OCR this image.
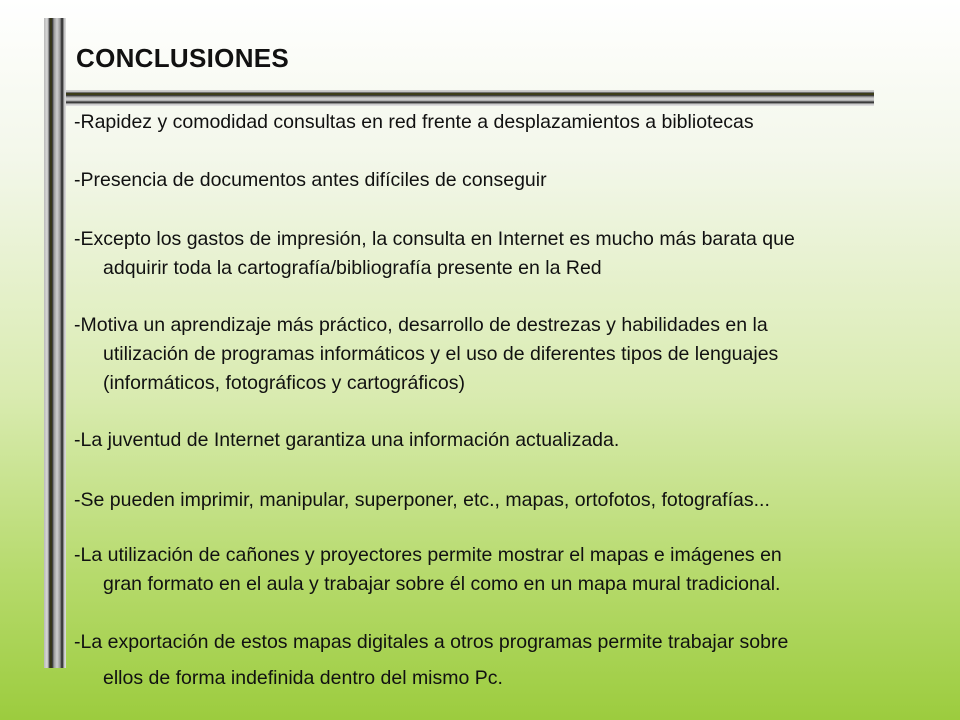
CONCLUSIONES
-Rapidez y comodidad consultas en red frente a desplazamientos a bibliotecas
-Presencia de documentos antes difíciles de conseguir
-Excepto los gastos de impresión, la consulta en Internet es mucho más barata que
adquirir toda la cartografía/bibliografía presente en la Red
-Motiva un aprendizaje más práctico, desarrollo de destrezas y habilidades en la
utilización de programas informáticos y el uso de diferentes tipos de lenguajes
(informáticos, fotográficos y cartográficos)
-La juventud de Internet garantiza una información actualizada.
-Se pueden imprimir, manipular, superponer, etc., mapas, ortofotos, fotografías...
-La utilización de cañones y proyectores permite mostrar el mapas e imágenes en
gran formato en el aula y trabajar sobre él como en un mapa mural tradicional.
-La exportación de estos mapas digitales a otros programas permite trabajar sobre
ellos de forma indefinida dentro del mismo Pc.
